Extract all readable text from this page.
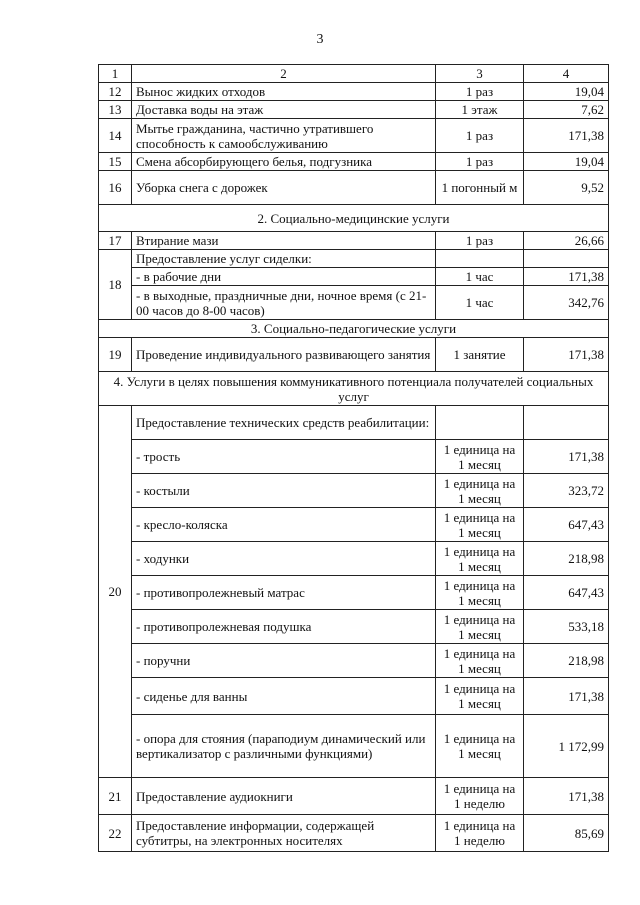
3
1	2	3	4
12	Вынос жидких отходов	1 раз	19,04
13	Доставка воды на этаж	1 этаж	7,62
14	Мытье гражданина, частично утратившего способность к самообслуживанию	1 раз	171,38
15	Смена абсорбирующего белья, подгузника	1 раз	19,04
16	Уборка снега с дорожек	1 погонный м	9,52
2. Социально-медицинские услуги			
17	Втирание мази	1 раз	26,66
18	Предоставление услуг сиделки:		
	- в рабочие дни	1 час	171,38
	- в выходные, праздничные дни, ночное время (с 21-00 часов до 8-00 часов)	1 час	342,76
3. Социально-педагогические услуги			
19	Проведение индивидуального развивающего занятия	1 занятие	171,38
4. Услуги в целях повышения коммуникативного потенциала получателей социальных услуг			
20	Предоставление технических средств реабилитации:		
	- трость	1 единица на 1 месяц	171,38
	- костыли	1 единица на 1 месяц	323,72
	- кресло-коляска	1 единица на 1 месяц	647,43
	- ходунки	1 единица на 1 месяц	218,98
	- противопролежневый матрас	1 единица на 1 месяц	647,43
	- противопролежневая подушка	1 единица на 1 месяц	533,18
	- поручни	1 единица на 1 месяц	218,98
	- сиденье для ванны	1 единица на 1 месяц	171,38
	- опора для стояния (параподиум динамический или вертикализатор с различными функциями)	1 единица на 1 месяц	1 172,99
21	Предоставление аудиокниги	1 единица на 1 неделю	171,38
22	Предоставление информации, содержащей субтитры, на электронных носителях	1 единица на 1 неделю	85,69
